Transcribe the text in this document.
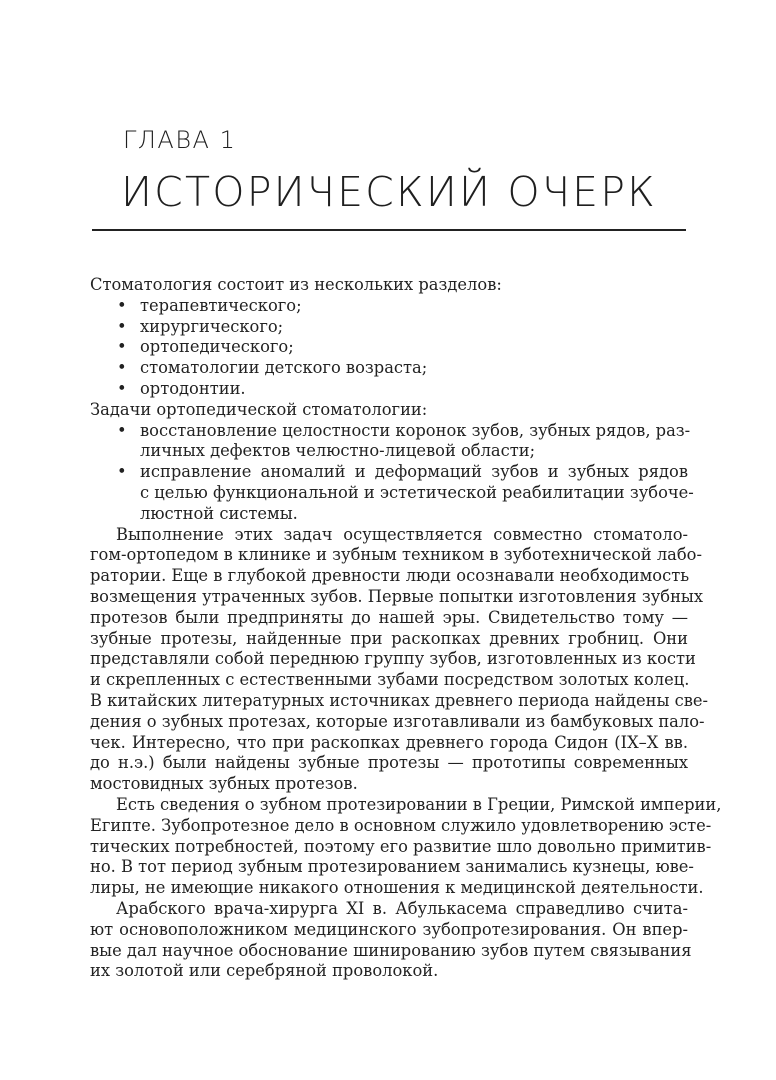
ГЛАВА 1
ИСТОРИЧЕСКИЙ ОЧЕРК

Стоматология состоит из нескольких разделов:

• терапевтического;
• хирургического;
• ортопедического;
• стоматологии детского возраста;
• ортодонтии.

Задачи ортопедической стоматологии:

• восстановление целостности коронок зубов, зубных рядов, раз-

личных дефектов челюстно-лицевой области;

• исправление аномалий и деформаций зубов и зубных рядов

с целью функциональной и эстетической реабилитации зубоче-

люстной системы.

Выполнение этих задач осуществляется совместно стоматоло-

гом-ортопедом в клинике и зубным техником в зуботехнической лабо-

ратории. Еще в глубокой древности люди осознавали необходимость

возмещения утраченных зубов. Первые попытки изготовления зубных

протезов были предприняты до нашей эры. Свидетельство тому —

зубные протезы, найденные при раскопках древних гробниц. Они

представляли собой переднюю группу зубов, изготовленных из кости

и скрепленных с естественными зубами посредством золотых колец.

В китайских литературных источниках древнего периода найдены све-

дения о зубных протезах, которые изготавливали из бамбуковых пало-

чек. Интересно, что при раскопках древнего города Сидон (IX–X вв.

до н.э.) были найдены зубные протезы — прототипы современных

мостовидных зубных протезов.

Есть сведения о зубном протезировании в Греции, Римской империи,

Египте. Зубопротезное дело в основном служило удовлетворению эсте-

тических потребностей, поэтому его развитие шло довольно примитив-

но. В тот период зубным протезированием занимались кузнецы, юве-

лиры, не имеющие никакого отношения к медицинской деятельности.

Арабского врача-хирурга XI в. Абулькасема справедливо счита-

ют основоположником медицинского зубопротезирования. Он впер-

вые дал научное обоснование шинированию зубов путем связывания

их золотой или серебряной проволокой.
